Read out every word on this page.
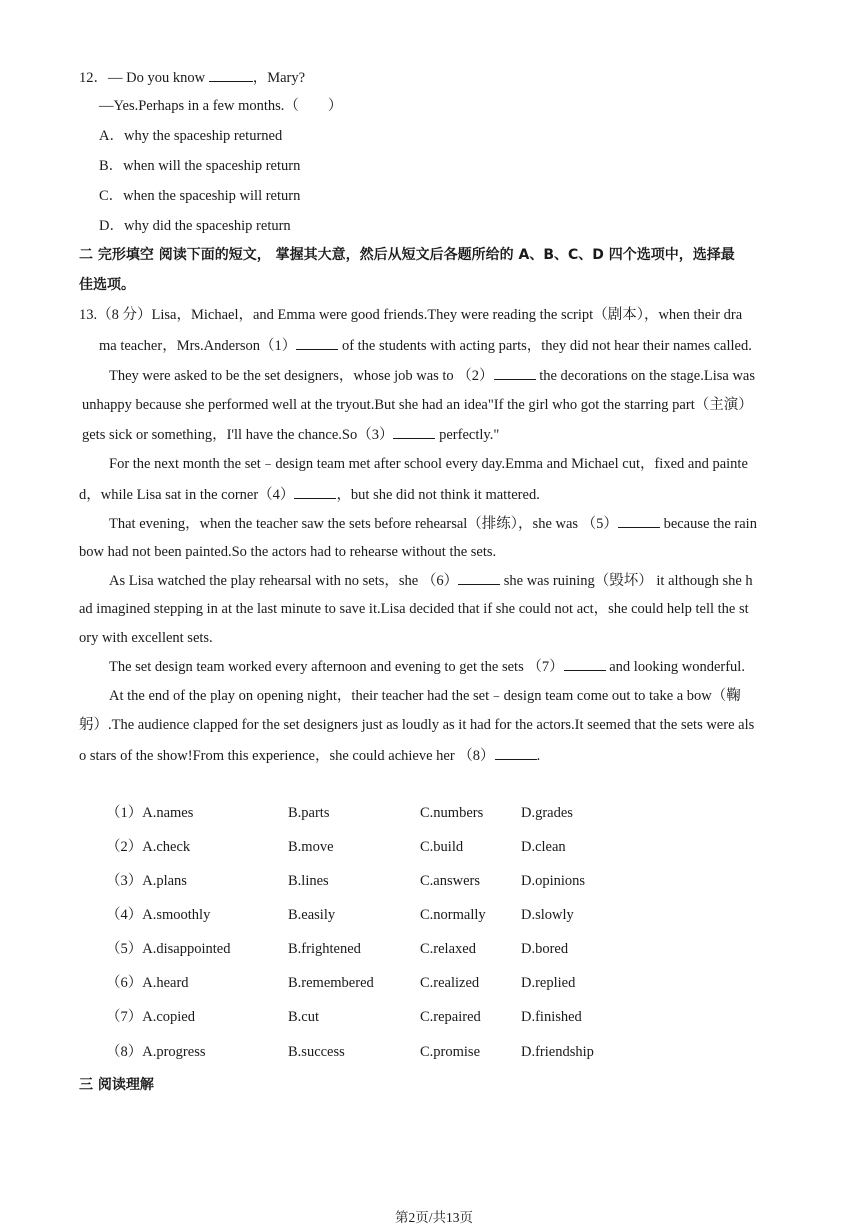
12．— Do you know	，Mary?
—Yes.Perhaps in a few months.（　　）
A．why the spaceship returned
B．when will the spaceship return
C．when the spaceship will return
D．why did the spaceship return
二 完形填空 阅读下面的短文， 掌握其大意，然后从短文后各题所给的 A、B、C、D 四个选项中，选择最
佳选项。
13.（8 分）Lisa，Michael，and Emma were good friends.They were reading the script（剧本），when their dra
ma teacher，Mrs.Anderson（1）	of the students with acting parts，they did not hear their names called.
They were asked to be the set designers，whose job was to （2）	the decorations on the stage.Lisa was
unhappy because she performed well at the tryout.But she had an idea"If the girl who got the starring part（主演）
gets sick or something，I'll have the chance.So（3）	perfectly."
For the next month the set﹣design team met after school every day.Emma and Michael cut，fixed and painte
d，while Lisa sat in the corner（4）	，but she did not think it mattered.
That evening，when the teacher saw the sets before rehearsal（排练），she was （5）	because the rain
bow had not been painted.So the actors had to rehearse without the sets.
As Lisa watched the play rehearsal with no sets，she （6）	she was ruining（毁坏） it although she h
ad imagined stepping in at the last minute to save it.Lisa decided that if she could not act，she could help tell the st
ory with excellent sets.
The set design team worked every afternoon and evening to get the sets （7）	and looking wonderful.
At the end of the play on opening night，their teacher had the set﹣design team come out to take a bow（鞠
躬）.The audience clapped for the set designers just as loudly as it had for the actors.It seemed that the sets were als
o stars of the show!From this experience，she could achieve her （8）	.
（1）A.names	B.parts	C.numbers	D.grades
（2）A.check	B.move	C.build	D.clean
（3）A.plans	B.lines	C.answers	D.opinions
（4）A.smoothly	B.easily	C.normally D.slowly
（5）A.disappointed	B.frightened	C.relaxed	D.bored
（6）A.heard	B.remembered	C.realized	D.replied
（7）A.copied	B.cut	C.repaired	D.finished
（8）A.progress	B.success	C.promise	D.friendship
三 阅读理解
第2页/共13页
